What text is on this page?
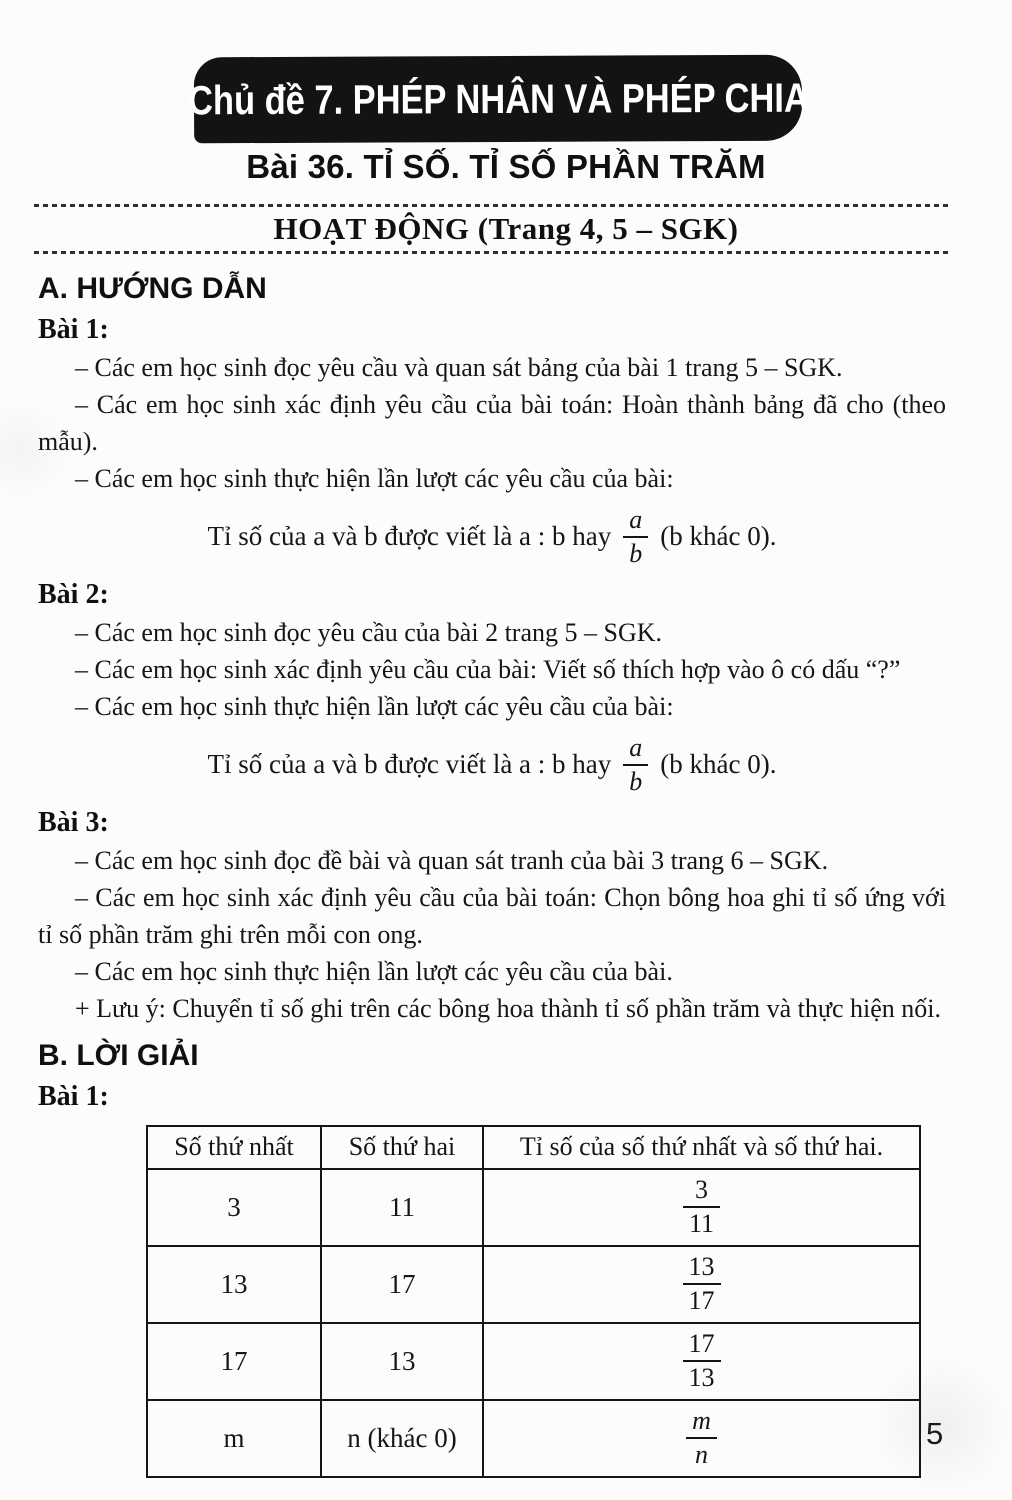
Chủ đề 7. PHÉP NHÂN VÀ PHÉP CHIA
Bài 36. TỈ SỐ. TỈ SỐ PHẦN TRĂM
HOẠT ĐỘNG (Trang 4, 5 – SGK)
A. HƯỚNG DẪN
Bài 1:

– Các em học sinh đọc yêu cầu và quan sát bảng của bài 1 trang 5 – SGK.

– Các em học sinh xác định yêu cầu của bài toán: Hoàn thành bảng đã cho (theo mẫu).

– Các em học sinh thực hiện lần lượt các yêu cầu của bài:

Tỉ số của a và b được viết là a : b hay $\frac{a}{b} (b$ khác 0).
Bài 2:

– Các em học sinh đọc yêu cầu của bài 2 trang 5 – SGK.

– Các em học sinh xác định yêu cầu của bài: Viết số thích hợp vào ô có dấu “?”

– Các em học sinh thực hiện lần lượt các yêu cầu của bài:

Tỉ số của a và b được viết là a : b hay $\frac{a}{b} (b$ khác 0).
Bài 3:

– Các em học sinh đọc đề bài và quan sát tranh của bài 3 trang 6 – SGK.

– Các em học sinh xác định yêu cầu của bài toán: Chọn bông hoa ghi tỉ số ứng với tỉ số phần trăm ghi trên mỗi con ong.

– Các em học sinh thực hiện lần lượt các yêu cầu của bài.

+ Lưu ý: Chuyển tỉ số ghi trên các bông hoa thành tỉ số phần trăm và thực hiện nối.

B. LỜI GIẢI
Bài 1:
Số thứ nhất	Số thứ hai	Tỉ số của số thứ nhất và số thứ hai.
3	11	$\frac{3}{11}$

13	17	$\frac{13}{17}$

17	13	$\frac{17}{13}$

m	n (khác 0)	$\frac{m}{n}$	5
